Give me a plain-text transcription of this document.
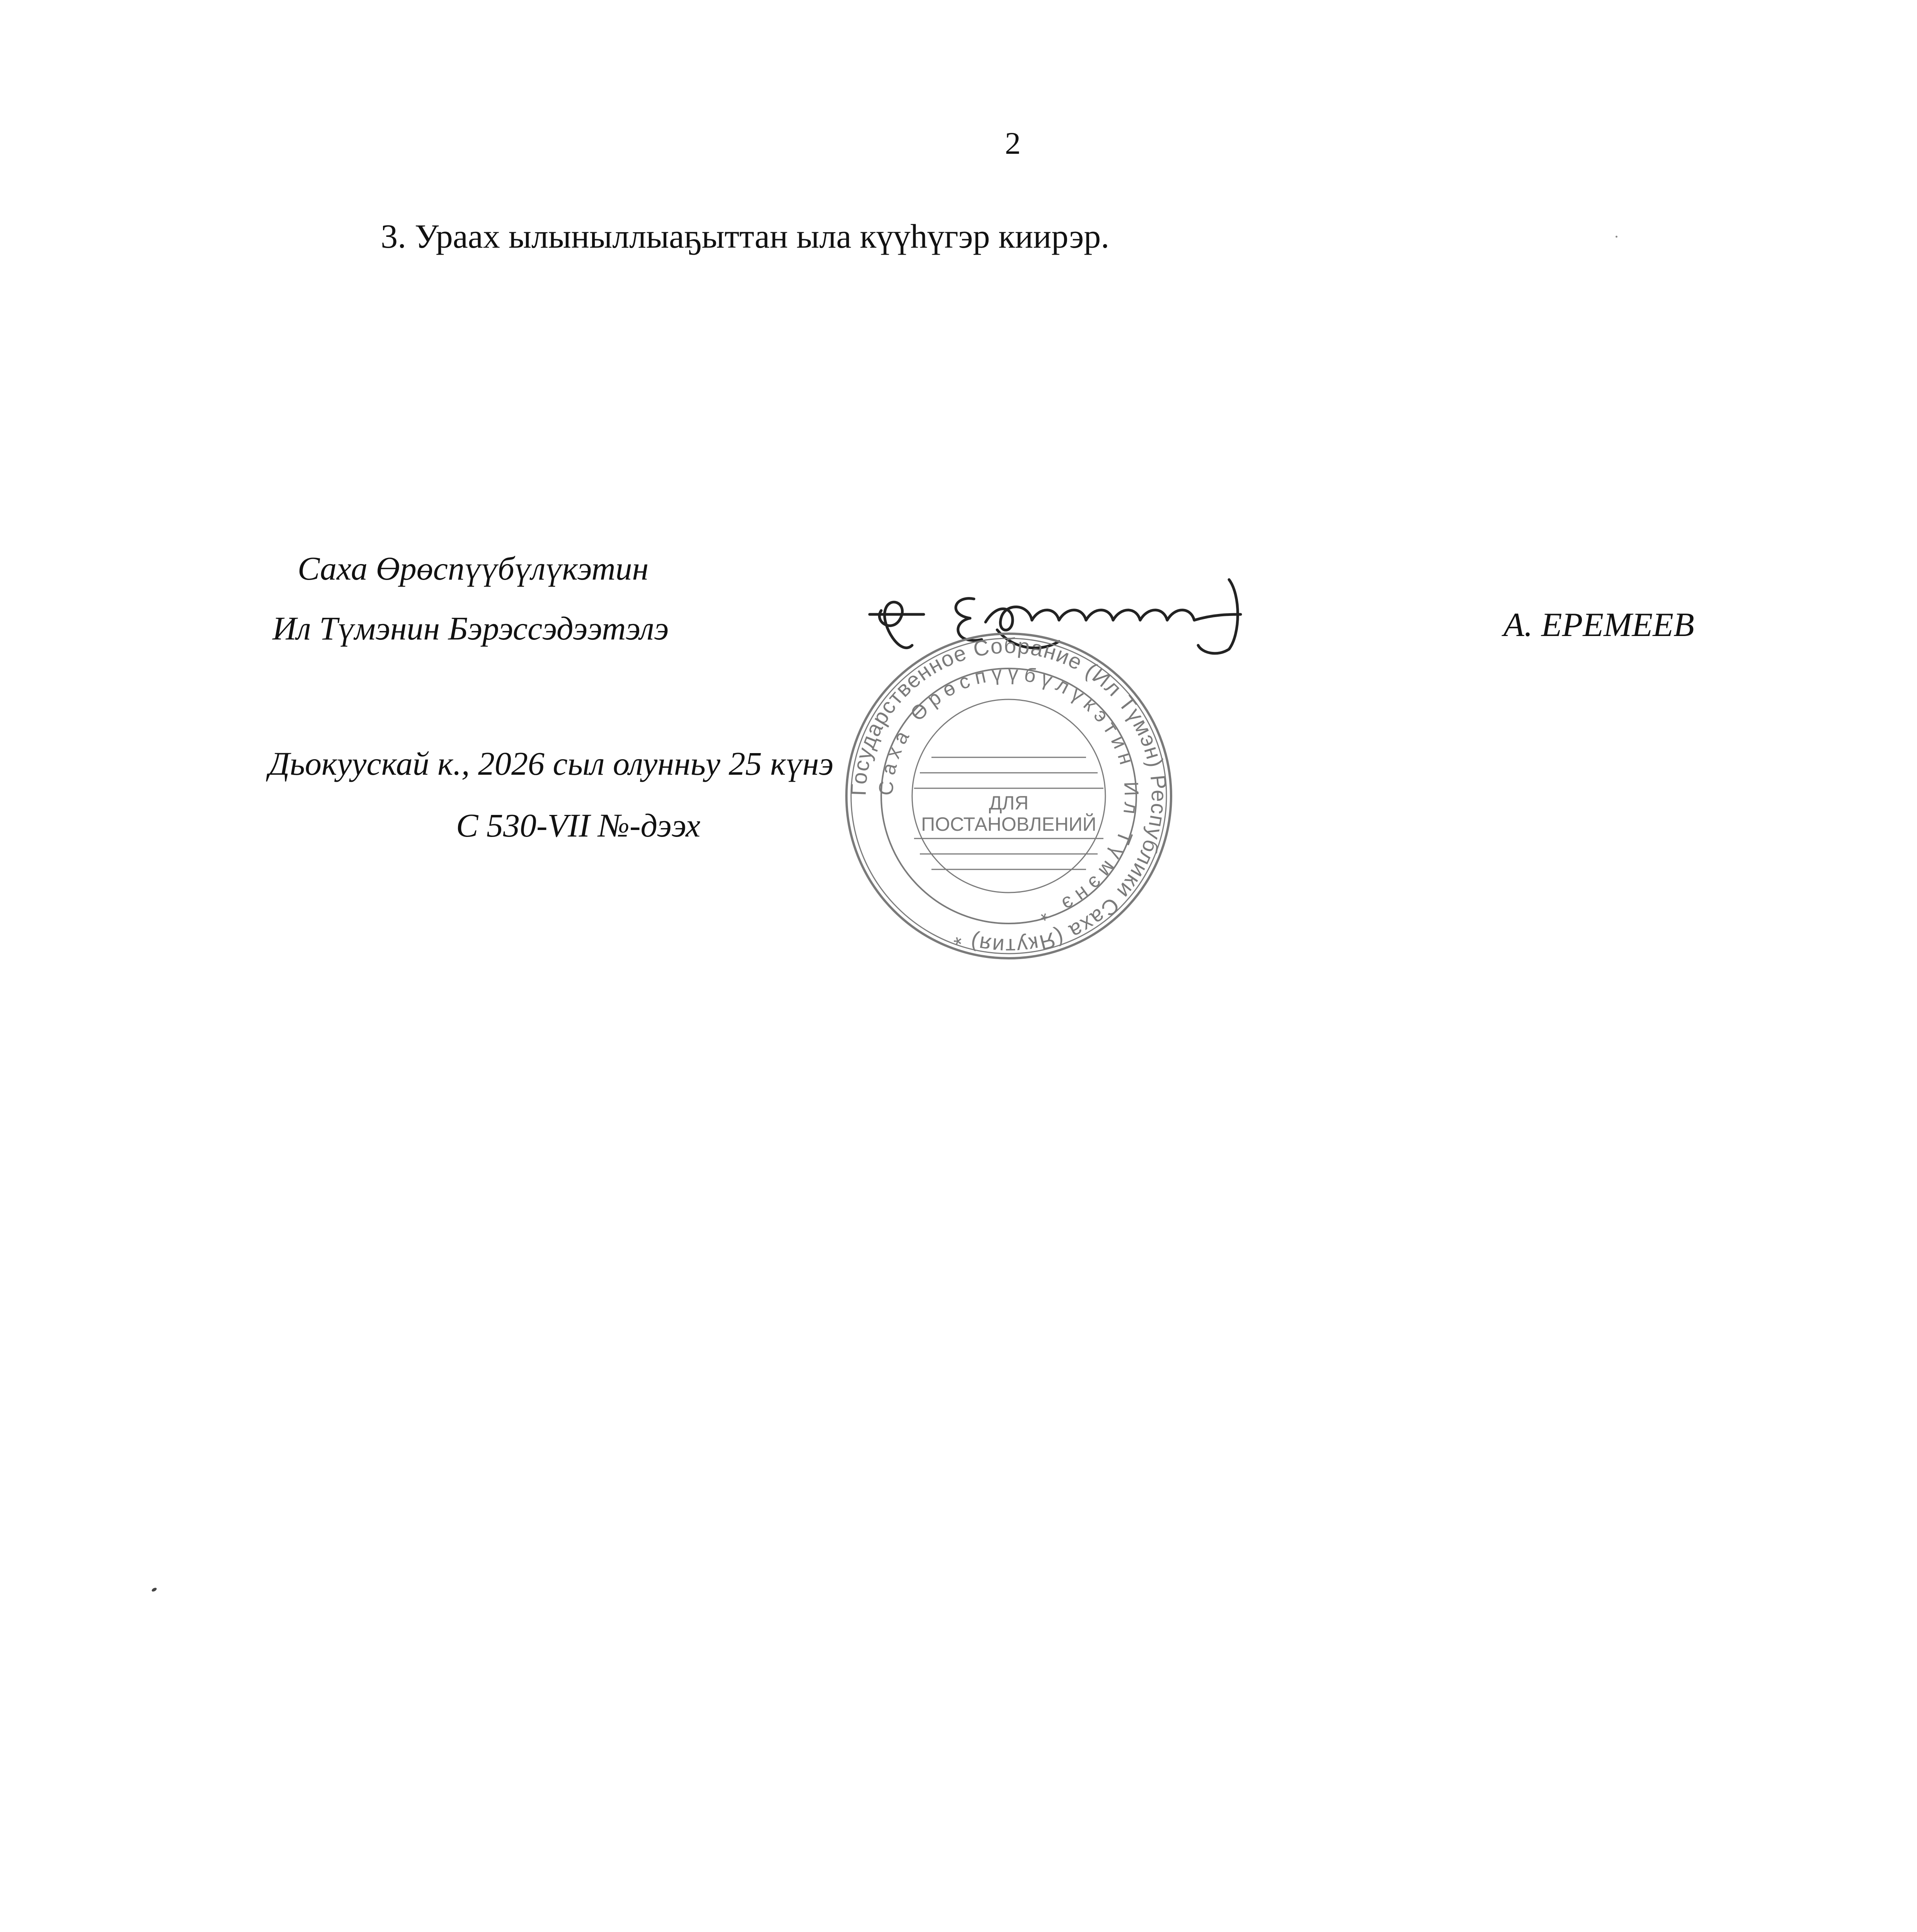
2
3. Ураах ылыныллыаҕыттан ыла күүһүгэр киирэр.
Саха Өрөспүүбүлүкэтин
Ил Түмэнин Бэрэссэдээтэлэ	А. ЕРЕМЕЕВ
Государственное Собрание (Ил Түмэн) Республики Саха (Якутия) *
Саха Өрөспүүбүлүкэтин Ил Түмэнэ *
ДЛЯ
ПОСТАНОВЛЕНИЙ
Дьокуускай к., 2026 сыл олунньу 25 күнэ
С 530-VII №-дээх
